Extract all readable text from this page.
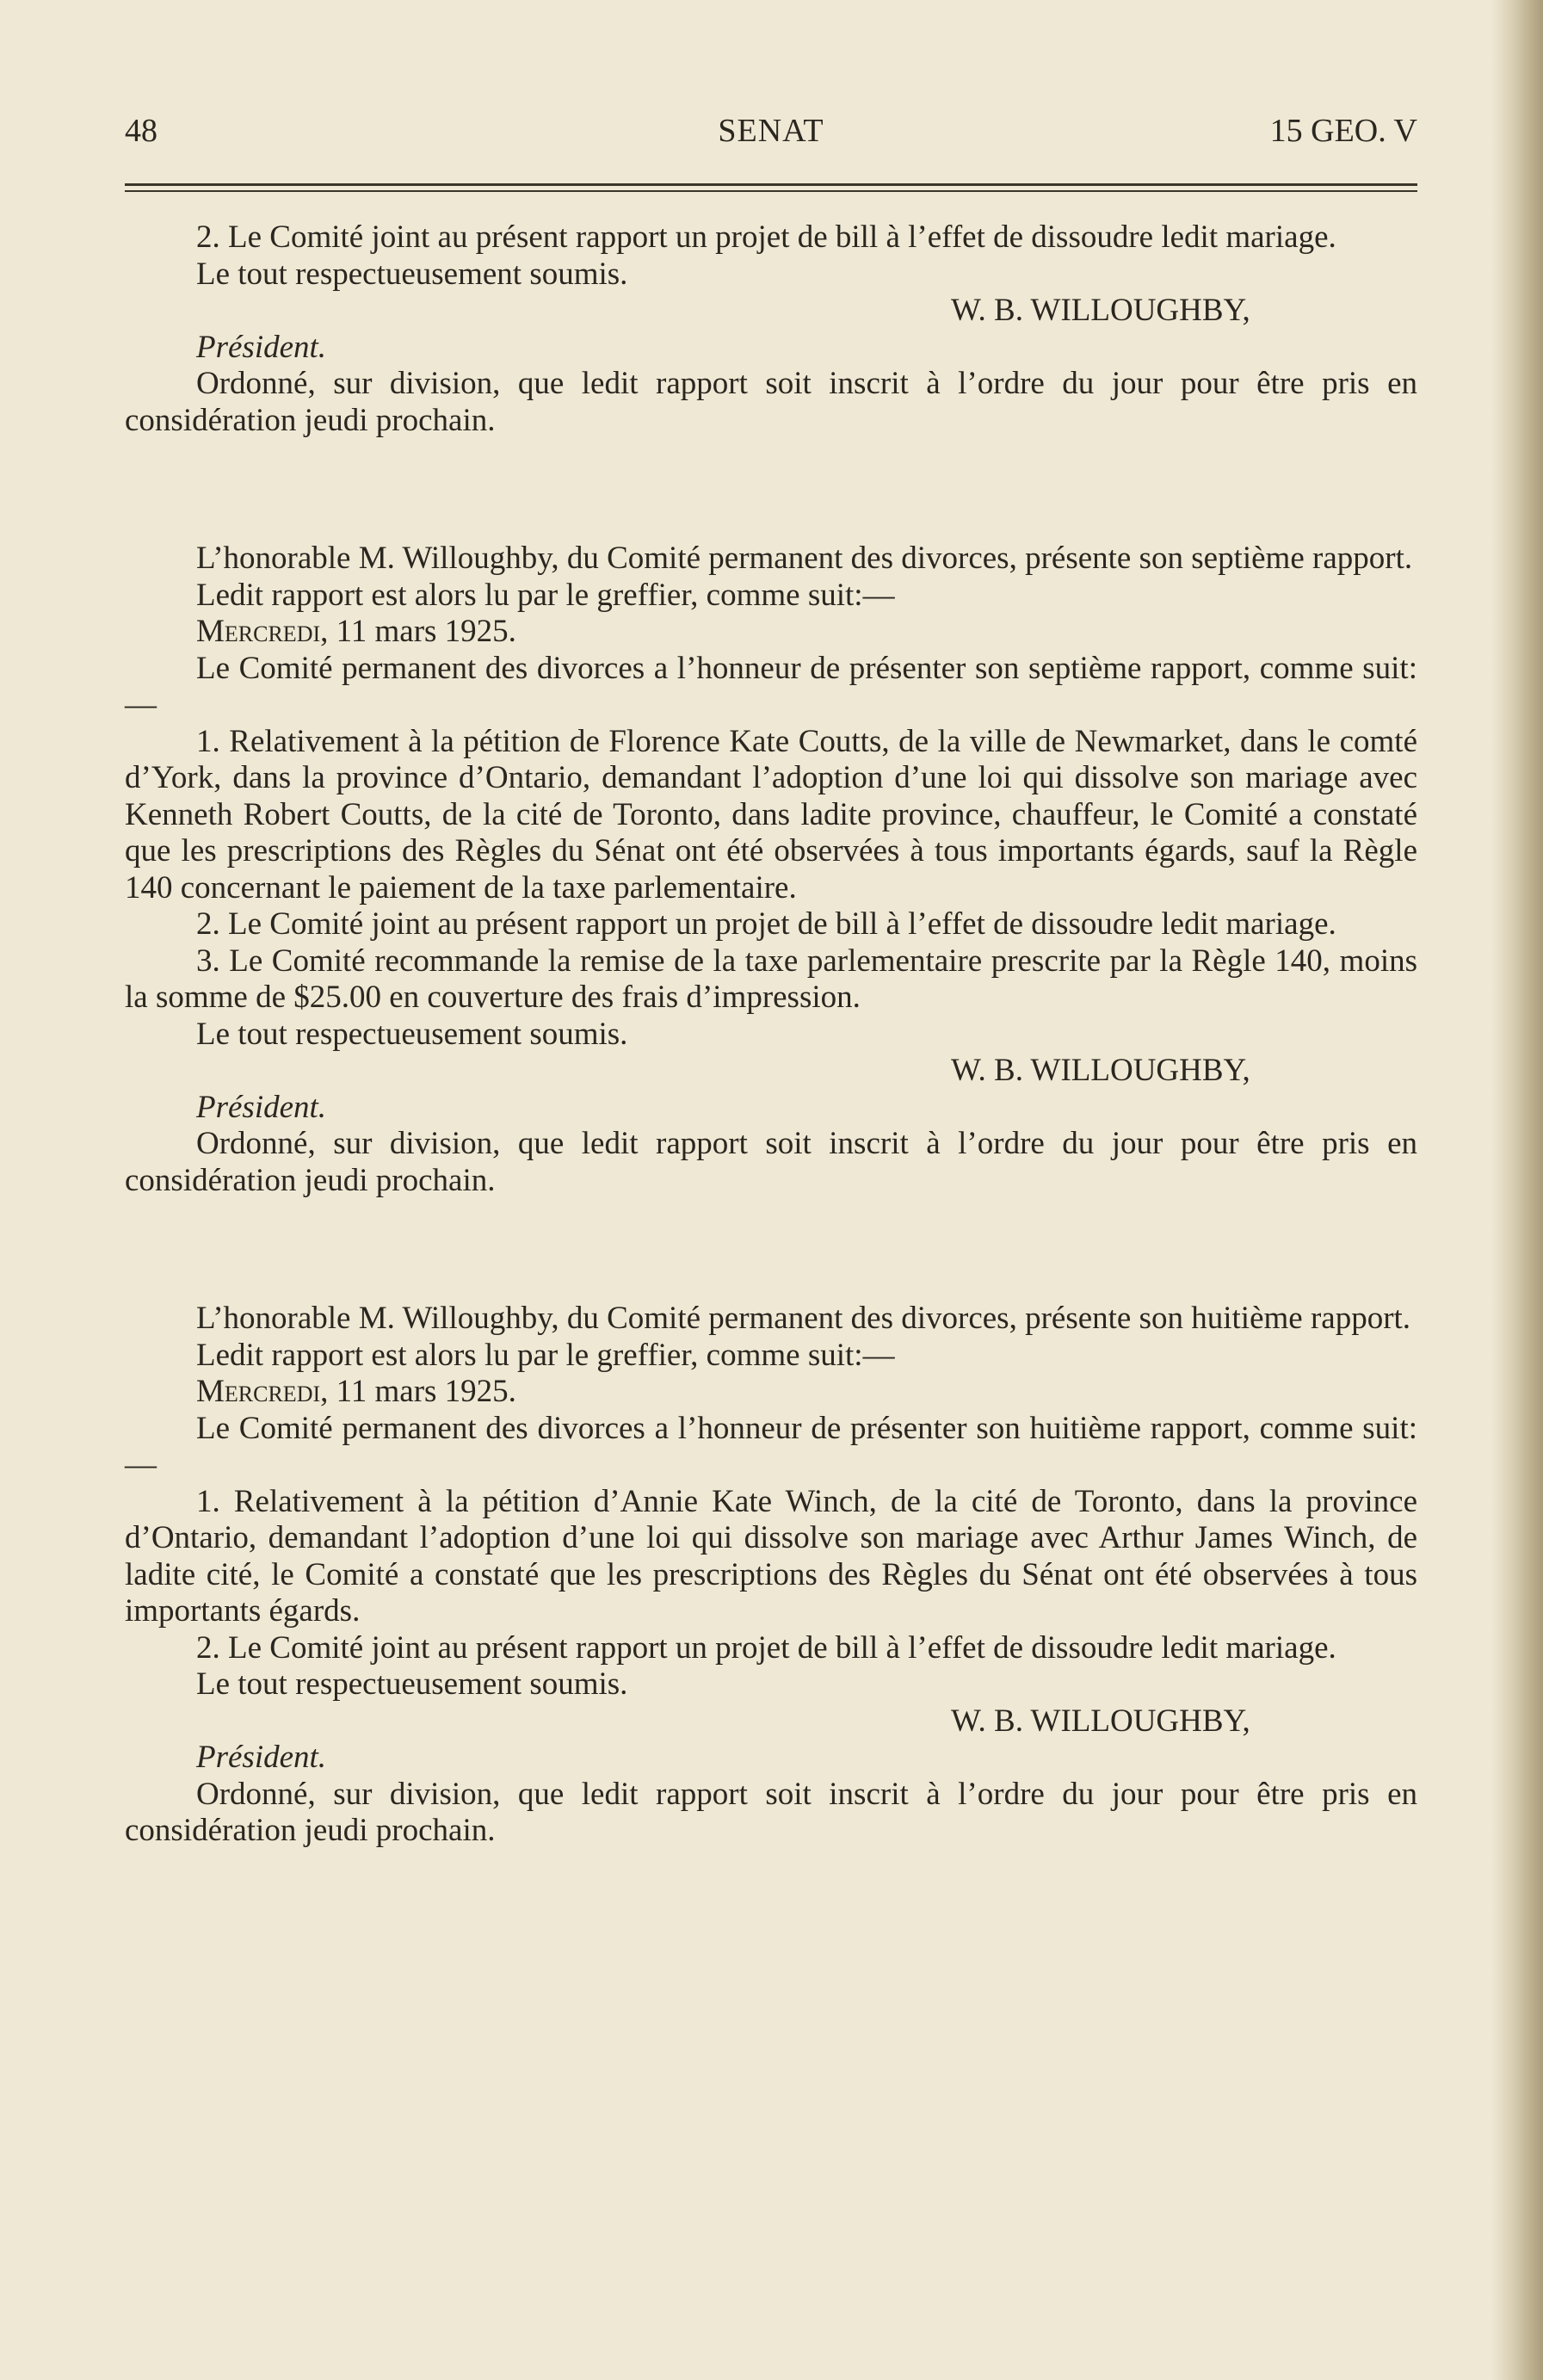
48	SENAT	15 GEO. V

2. Le Comité joint au présent rapport un projet de bill à l’effet de dissoudre ledit mariage.

Le tout respectueusement soumis.

W. B. WILLOUGHBY,

Président.

Ordonné, sur division, que ledit rapport soit inscrit à l’ordre du jour pour être pris en considération jeudi prochain.

L’honorable M. Willoughby, du Comité permanent des divorces, présente son septième rapport.

Ledit rapport est alors lu par le greffier, comme suit:—

Mercredi, 11 mars 1925.

Le Comité permanent des divorces a l’honneur de présenter son septième rapport, comme suit:—

1. Relativement à la pétition de Florence Kate Coutts, de la ville de Newmarket, dans le comté d’York, dans la province d’Ontario, demandant l’adoption d’une loi qui dissolve son mariage avec Kenneth Robert Coutts, de la cité de Toronto, dans ladite province, chauffeur, le Comité a constaté que les prescriptions des Règles du Sénat ont été observées à tous importants égards, sauf la Règle 140 concernant le paiement de la taxe parlementaire.

2. Le Comité joint au présent rapport un projet de bill à l’effet de dissoudre ledit mariage.

3. Le Comité recommande la remise de la taxe parlementaire prescrite par la Règle 140, moins la somme de $25.00 en couverture des frais d’impression.

Le tout respectueusement soumis.

W. B. WILLOUGHBY,

Président.

Ordonné, sur division, que ledit rapport soit inscrit à l’ordre du jour pour être pris en considération jeudi prochain.

L’honorable M. Willoughby, du Comité permanent des divorces, présente son huitième rapport.

Ledit rapport est alors lu par le greffier, comme suit:—

Mercredi, 11 mars 1925.

Le Comité permanent des divorces a l’honneur de présenter son huitième rapport, comme suit:—

1. Relativement à la pétition d’Annie Kate Winch, de la cité de Toronto, dans la province d’Ontario, demandant l’adoption d’une loi qui dissolve son mariage avec Arthur James Winch, de ladite cité, le Comité a constaté que les prescriptions des Règles du Sénat ont été observées à tous importants égards.

2. Le Comité joint au présent rapport un projet de bill à l’effet de dissoudre ledit mariage.

Le tout respectueusement soumis.

W. B. WILLOUGHBY,

Président.

Ordonné, sur division, que ledit rapport soit inscrit à l’ordre du jour pour être pris en considération jeudi prochain.
